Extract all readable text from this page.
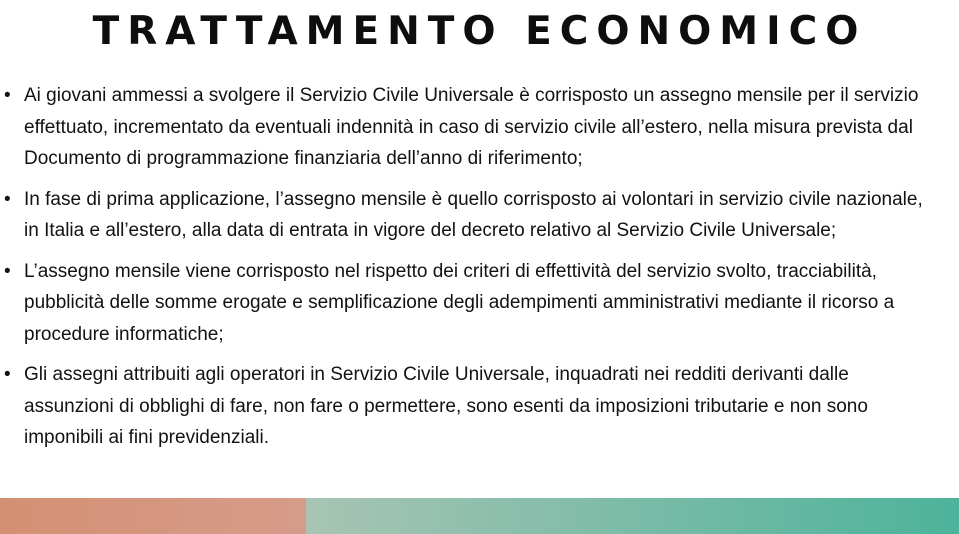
TRATTAMENTO ECONOMICO
• Ai giovani ammessi a svolgere il Servizio Civile Universale è corrisposto un assegno mensile per il servizio effettuato, incrementato da eventuali indennità in caso di servizio civile all’estero, nella misura prevista dal Documento di programmazione finanziaria dell’anno di riferimento;
• In fase di prima applicazione, l’assegno mensile è quello corrisposto ai volontari in servizio civile nazionale, in Italia e all’estero, alla data di entrata in vigore del decreto relativo al Servizio Civile Universale;
• L’assegno mensile viene corrisposto nel rispetto dei criteri di effettività del servizio svolto, tracciabilità, pubblicità delle somme erogate e semplificazione degli adempimenti amministrativi mediante il ricorso a procedure informatiche;
• Gli assegni attribuiti agli operatori in Servizio Civile Universale, inquadrati nei redditi derivanti dalle assunzioni di obblighi di fare, non fare o permettere, sono esenti da imposizioni tributarie e non sono imponibili ai fini previdenziali.
